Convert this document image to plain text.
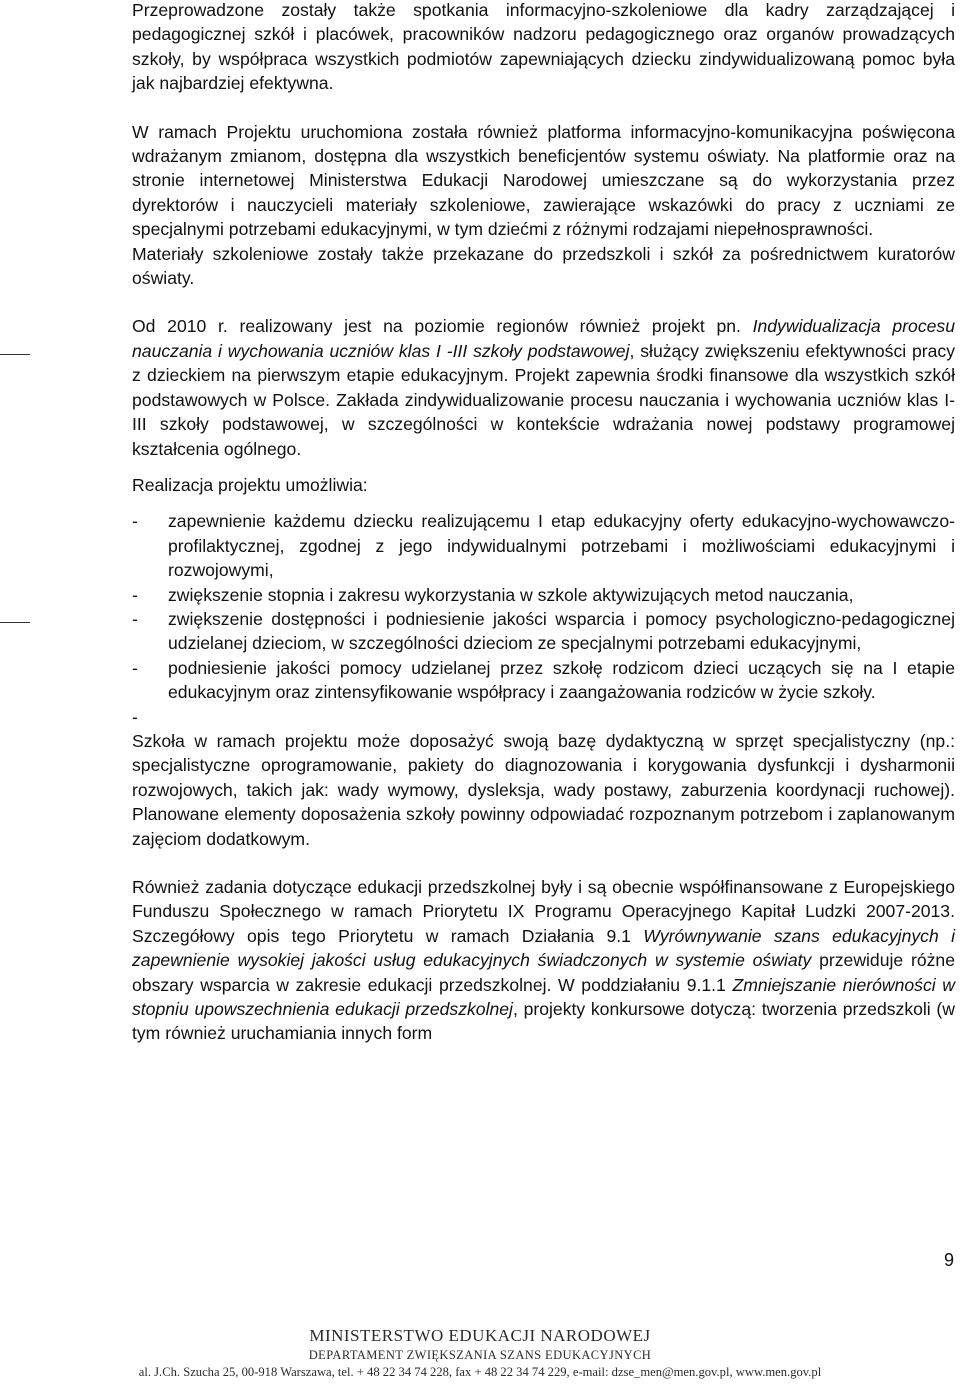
Przeprowadzone zostały także spotkania informacyjno-szkoleniowe dla kadry zarządzającej i pedagogicznej szkół i placówek, pracowników nadzoru pedagogicznego oraz organów prowadzących szkoły, by współpraca wszystkich podmiotów zapewniających dziecku zindywidualizowaną pomoc była jak najbardziej efektywna.

W ramach Projektu uruchomiona została również platforma informacyjno-komunikacyjna poświęcona wdrażanym zmianom, dostępna dla wszystkich beneficjentów systemu oświaty. Na platformie oraz na stronie internetowej Ministerstwa Edukacji Narodowej umieszczane są do wykorzystania przez dyrektorów i nauczycieli materiały szkoleniowe, zawierające wskazówki do pracy z uczniami ze specjalnymi potrzebami edukacyjnymi, w tym dziećmi z różnymi rodzajami niepełnosprawności.

Materiały szkoleniowe zostały także przekazane do przedszkoli i szkół za pośrednictwem kuratorów oświaty.

Od 2010 r. realizowany jest na poziomie regionów również projekt pn. Indywidualizacja procesu nauczania i wychowania uczniów klas I -III szkoły podstawowej, służący zwiększeniu efektywności pracy z dzieckiem na pierwszym etapie edukacyjnym. Projekt zapewnia środki finansowe dla wszystkich szkół podstawowych w Polsce. Zakłada zindywidualizowanie procesu nauczania i wychowania uczniów klas I-III szkoły podstawowej, w szczególności w kontekście wdrażania nowej podstawy programowej kształcenia ogólnego.

Realizacja projektu umożliwia:

- zapewnienie każdemu dziecku realizującemu I etap edukacyjny oferty edukacyjno-wychowawczo-profilaktycznej, zgodnej z jego indywidualnymi potrzebami i możliwościami edukacyjnymi i rozwojowymi,
- zwiększenie stopnia i zakresu wykorzystania w szkole aktywizujących metod nauczania,
- zwiększenie dostępności i podniesienie jakości wsparcia i pomocy psychologiczno-pedagogicznej udzielanej dzieciom, w szczególności dzieciom ze specjalnymi potrzebami edukacyjnymi,
- podniesienie jakości pomocy udzielanej przez szkołę rodzicom dzieci uczących się na I etapie edukacyjnym oraz zintensyfikowanie współpracy i zaangażowania rodziców w życie szkoły.

-

Szkoła w ramach projektu może doposażyć swoją bazę dydaktyczną w sprzęt specjalistyczny (np.: specjalistyczne oprogramowanie, pakiety do diagnozowania i korygowania dysfunkcji i dysharmonii rozwojowych, takich jak: wady wymowy, dysleksja, wady postawy, zaburzenia koordynacji ruchowej). Planowane elementy doposażenia szkoły powinny odpowiadać rozpoznanym potrzebom i zaplanowanym zajęciom dodatkowym.

Również zadania dotyczące edukacji przedszkolnej były i są obecnie współfinansowane z Europejskiego Funduszu Społecznego w ramach Priorytetu IX Programu Operacyjnego Kapitał Ludzki 2007-2013. Szczegółowy opis tego Priorytetu w ramach Działania 9.1 Wyrównywanie szans edukacyjnych i zapewnienie wysokiej jakości usług edukacyjnych świadczonych w systemie oświaty przewiduje różne obszary wsparcia w zakresie edukacji przedszkolnej. W poddziałaniu 9.1.1 Zmniejszanie nierówności w stopniu upowszechnienia edukacji przedszkolnej, projekty konkursowe dotyczą: tworzenia przedszkoli (w tym również uruchamiania innych form

9
MINISTERSTWO EDUKACJI NARODOWEJ
DEPARTAMENT ZWIĘKSZANIA SZANS EDUKACYJNYCH
al. J.Ch. Szucha 25, 00-918 Warszawa, tel. + 48 22 34 74 228, fax + 48 22 34 74 229, e-mail: dzse_men@men.gov.pl, www.men.gov.pl
